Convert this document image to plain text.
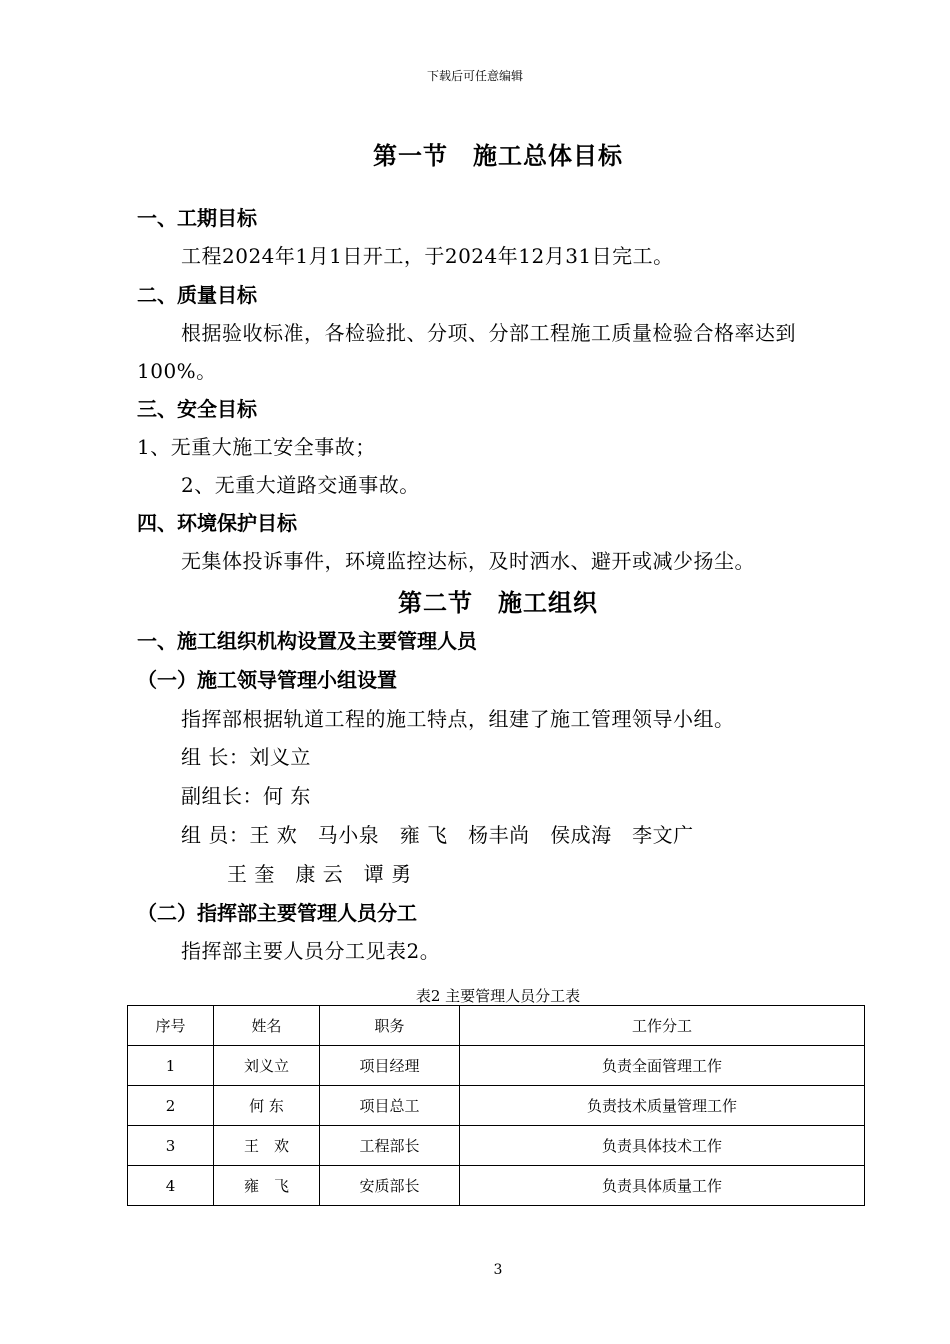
下载后可任意编辑
第一节　施工总体目标
一、工期目标
工程2024年1月1日开工，于2024年12月31日完工。
二、质量目标
根据验收标准，各检验批、分项、分部工程施工质量检验合格率达到
100%。
三、安全目标
1、无重大施工安全事故；
2、无重大道路交通事故。
四、环境保护目标
无集体投诉事件，环境监控达标，及时洒水、避开或减少扬尘。
第二节　施工组织
一、施工组织机构设置及主要管理人员
（一）施工领导管理小组设置
指挥部根据轨道工程的施工特点，组建了施工管理领导小组。
组 长：刘义立
副组长：何 东
组 员：王 欢　马小泉　雍 飞　杨丰尚　侯成海　李文广
王 奎　康 云　谭 勇
（二）指挥部主要管理人员分工
指挥部主要人员分工见表2。
表2 主要管理人员分工表
序号	姓名	职务	工作分工
1	刘义立	项目经理	负责全面管理工作
2	何 东	项目总工	负责技术质量管理工作
3	王　欢	工程部长	负责具体技术工作
4	雍　飞	安质部长	负责具体质量工作
3
